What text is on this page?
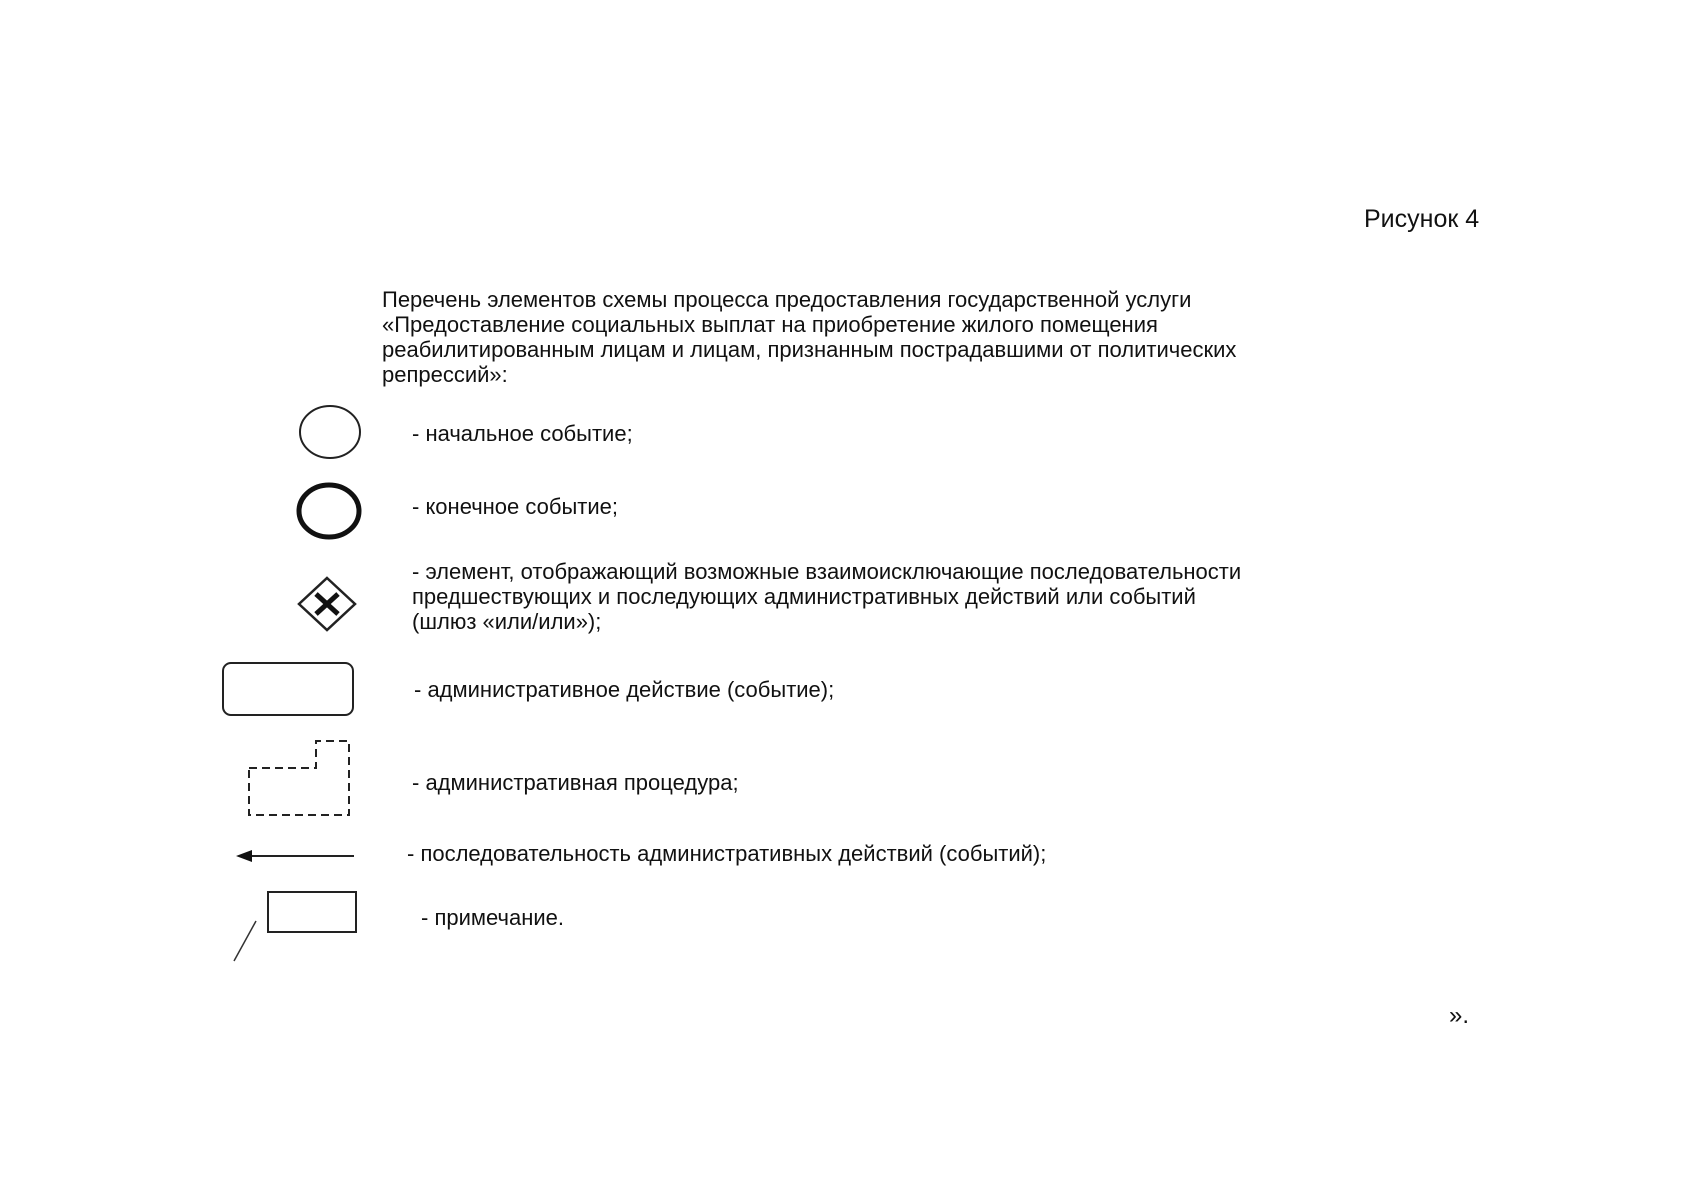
Рисунок 4
Перечень элементов схемы процесса предоставления государственной услуги «Предоставление социальных выплат на приобретение жилого помещения реабилитированным лицам и лицам, признанным пострадавшими от политических репрессий»:
- начальное событие;
- конечное событие;
- элемент, отображающий возможные взаимоисключающие последовательности
предшествующих и последующих административных действий или событий
(шлюз «или/или»);
- административное действие (событие);
- административная процедура;
- последовательность административных действий (событий);
- примечание.
».
